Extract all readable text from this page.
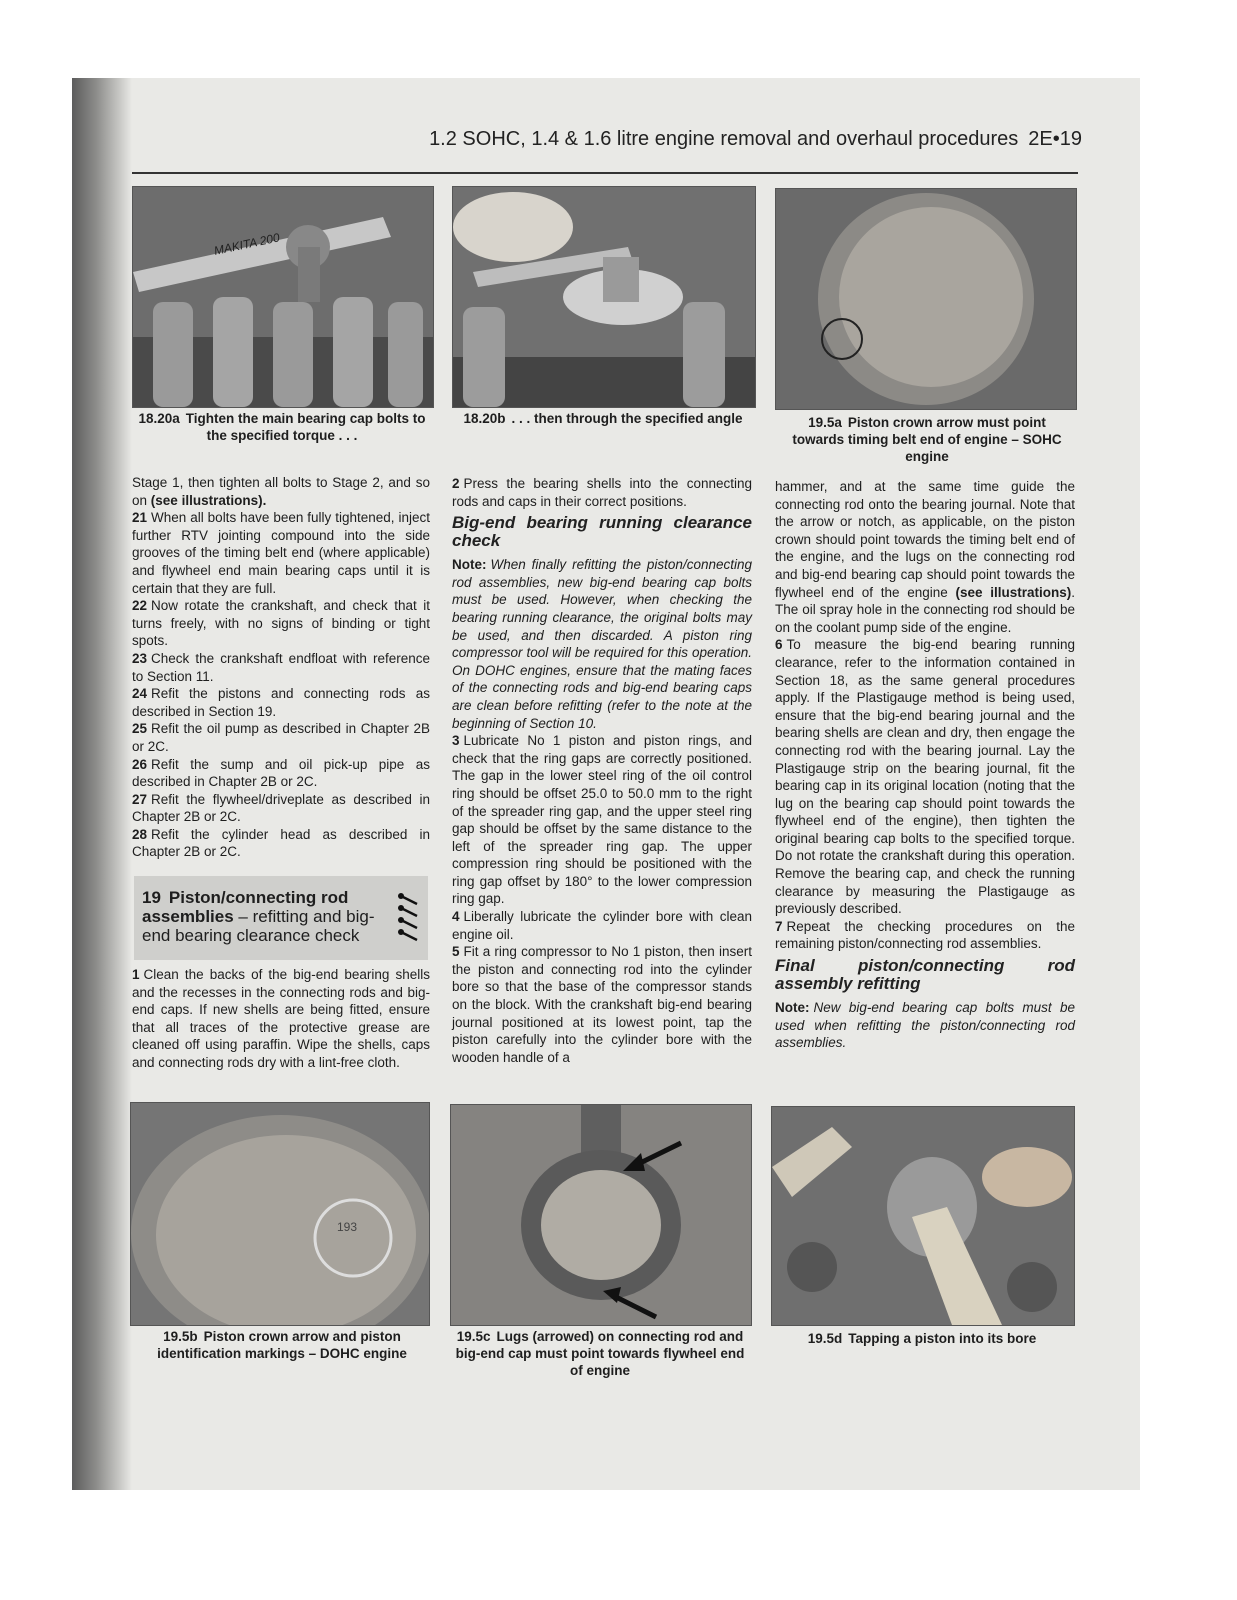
1.2 SOHC, 1.4 & 1.6 litre engine removal and overhaul procedures 2E•19
MAKITA 200
18.20a Tighten the main bearing cap bolts to the specified torque . . .
18.20b . . . then through the specified angle	19.5a Piston crown arrow must point towards timing belt end of engine – SOHC engine

Stage 1, then tighten all bolts to Stage 2, and so on (see illustrations).

21 When all bolts have been fully tightened, inject further RTV jointing compound into the side grooves of the timing belt end (where applicable) and flywheel end main bearing caps until it is certain that they are full.

22 Now rotate the crankshaft, and check that it turns freely, with no signs of binding or tight spots.

23 Check the crankshaft endfloat with reference to Section 11.

24 Refit the pistons and connecting rods as described in Section 19.

25 Refit the oil pump as described in Chapter 2B or 2C.

26 Refit the sump and oil pick-up pipe as described in Chapter 2B or 2C.

27 Refit the flywheel/driveplate as described in Chapter 2B or 2C.

28 Refit the cylinder head as described in Chapter 2B or 2C.

19 Piston/connecting rod assemblies – refitting and big-end bearing clearance check

1 Clean the backs of the big-end bearing shells and the recesses in the connecting rods and big-end caps. If new shells are being fitted, ensure that all traces of the protective grease are cleaned off using paraffin. Wipe the shells, caps and connecting rods dry with a lint-free cloth.

2 Press the bearing shells into the connecting rods and caps in their correct positions.

Big-end bearing running clearance check

Note: When finally refitting the piston/connecting rod assemblies, new big-end bearing cap bolts must be used. However, when checking the bearing running clearance, the original bolts may be used, and then discarded. A piston ring compressor tool will be required for this operation. On DOHC engines, ensure that the mating faces of the connecting rods and big-end bearing caps are clean before refitting (refer to the note at the beginning of Section 10.

3 Lubricate No 1 piston and piston rings, and check that the ring gaps are correctly positioned. The gap in the lower steel ring of the oil control ring should be offset 25.0 to 50.0 mm to the right of the spreader ring gap, and the upper steel ring gap should be offset by the same distance to the left of the spreader ring gap. The upper compression ring should be positioned with the ring gap offset by 180° to the lower compression ring gap.

4 Liberally lubricate the cylinder bore with clean engine oil.

5 Fit a ring compressor to No 1 piston, then insert the piston and connecting rod into the cylinder bore so that the base of the compressor stands on the block. With the crankshaft big-end bearing journal positioned at its lowest point, tap the piston carefully into the cylinder bore with the wooden handle of a

hammer, and at the same time guide the connecting rod onto the bearing journal. Note that the arrow or notch, as applicable, on the piston crown should point towards the timing belt end of the engine, and the lugs on the connecting rod and big-end bearing cap should point towards the flywheel end of the engine (see illustrations). The oil spray hole in the connecting rod should be on the coolant pump side of the engine.

6 To measure the big-end bearing running clearance, refer to the information contained in Section 18, as the same general procedures apply. If the Plastigauge method is being used, ensure that the big-end bearing journal and the bearing shells are clean and dry, then engage the connecting rod with the bearing journal. Lay the Plastigauge strip on the bearing journal, fit the bearing cap in its original location (noting that the lug on the bearing cap should point towards the flywheel end of the engine), then tighten the original bearing cap bolts to the specified torque. Do not rotate the crankshaft during this operation. Remove the bearing cap, and check the running clearance by measuring the Plastigauge as previously described.

7 Repeat the checking procedures on the remaining piston/connecting rod assemblies.

Final piston/connecting rod assembly refitting

Note: New big-end bearing cap bolts must be used when refitting the piston/connecting rod assemblies.

193
19.5b Piston crown arrow and piston identification markings – DOHC engine
19.5c Lugs (arrowed) on connecting rod and big-end cap must point towards flywheel end of engine
19.5d Tapping a piston into its bore
